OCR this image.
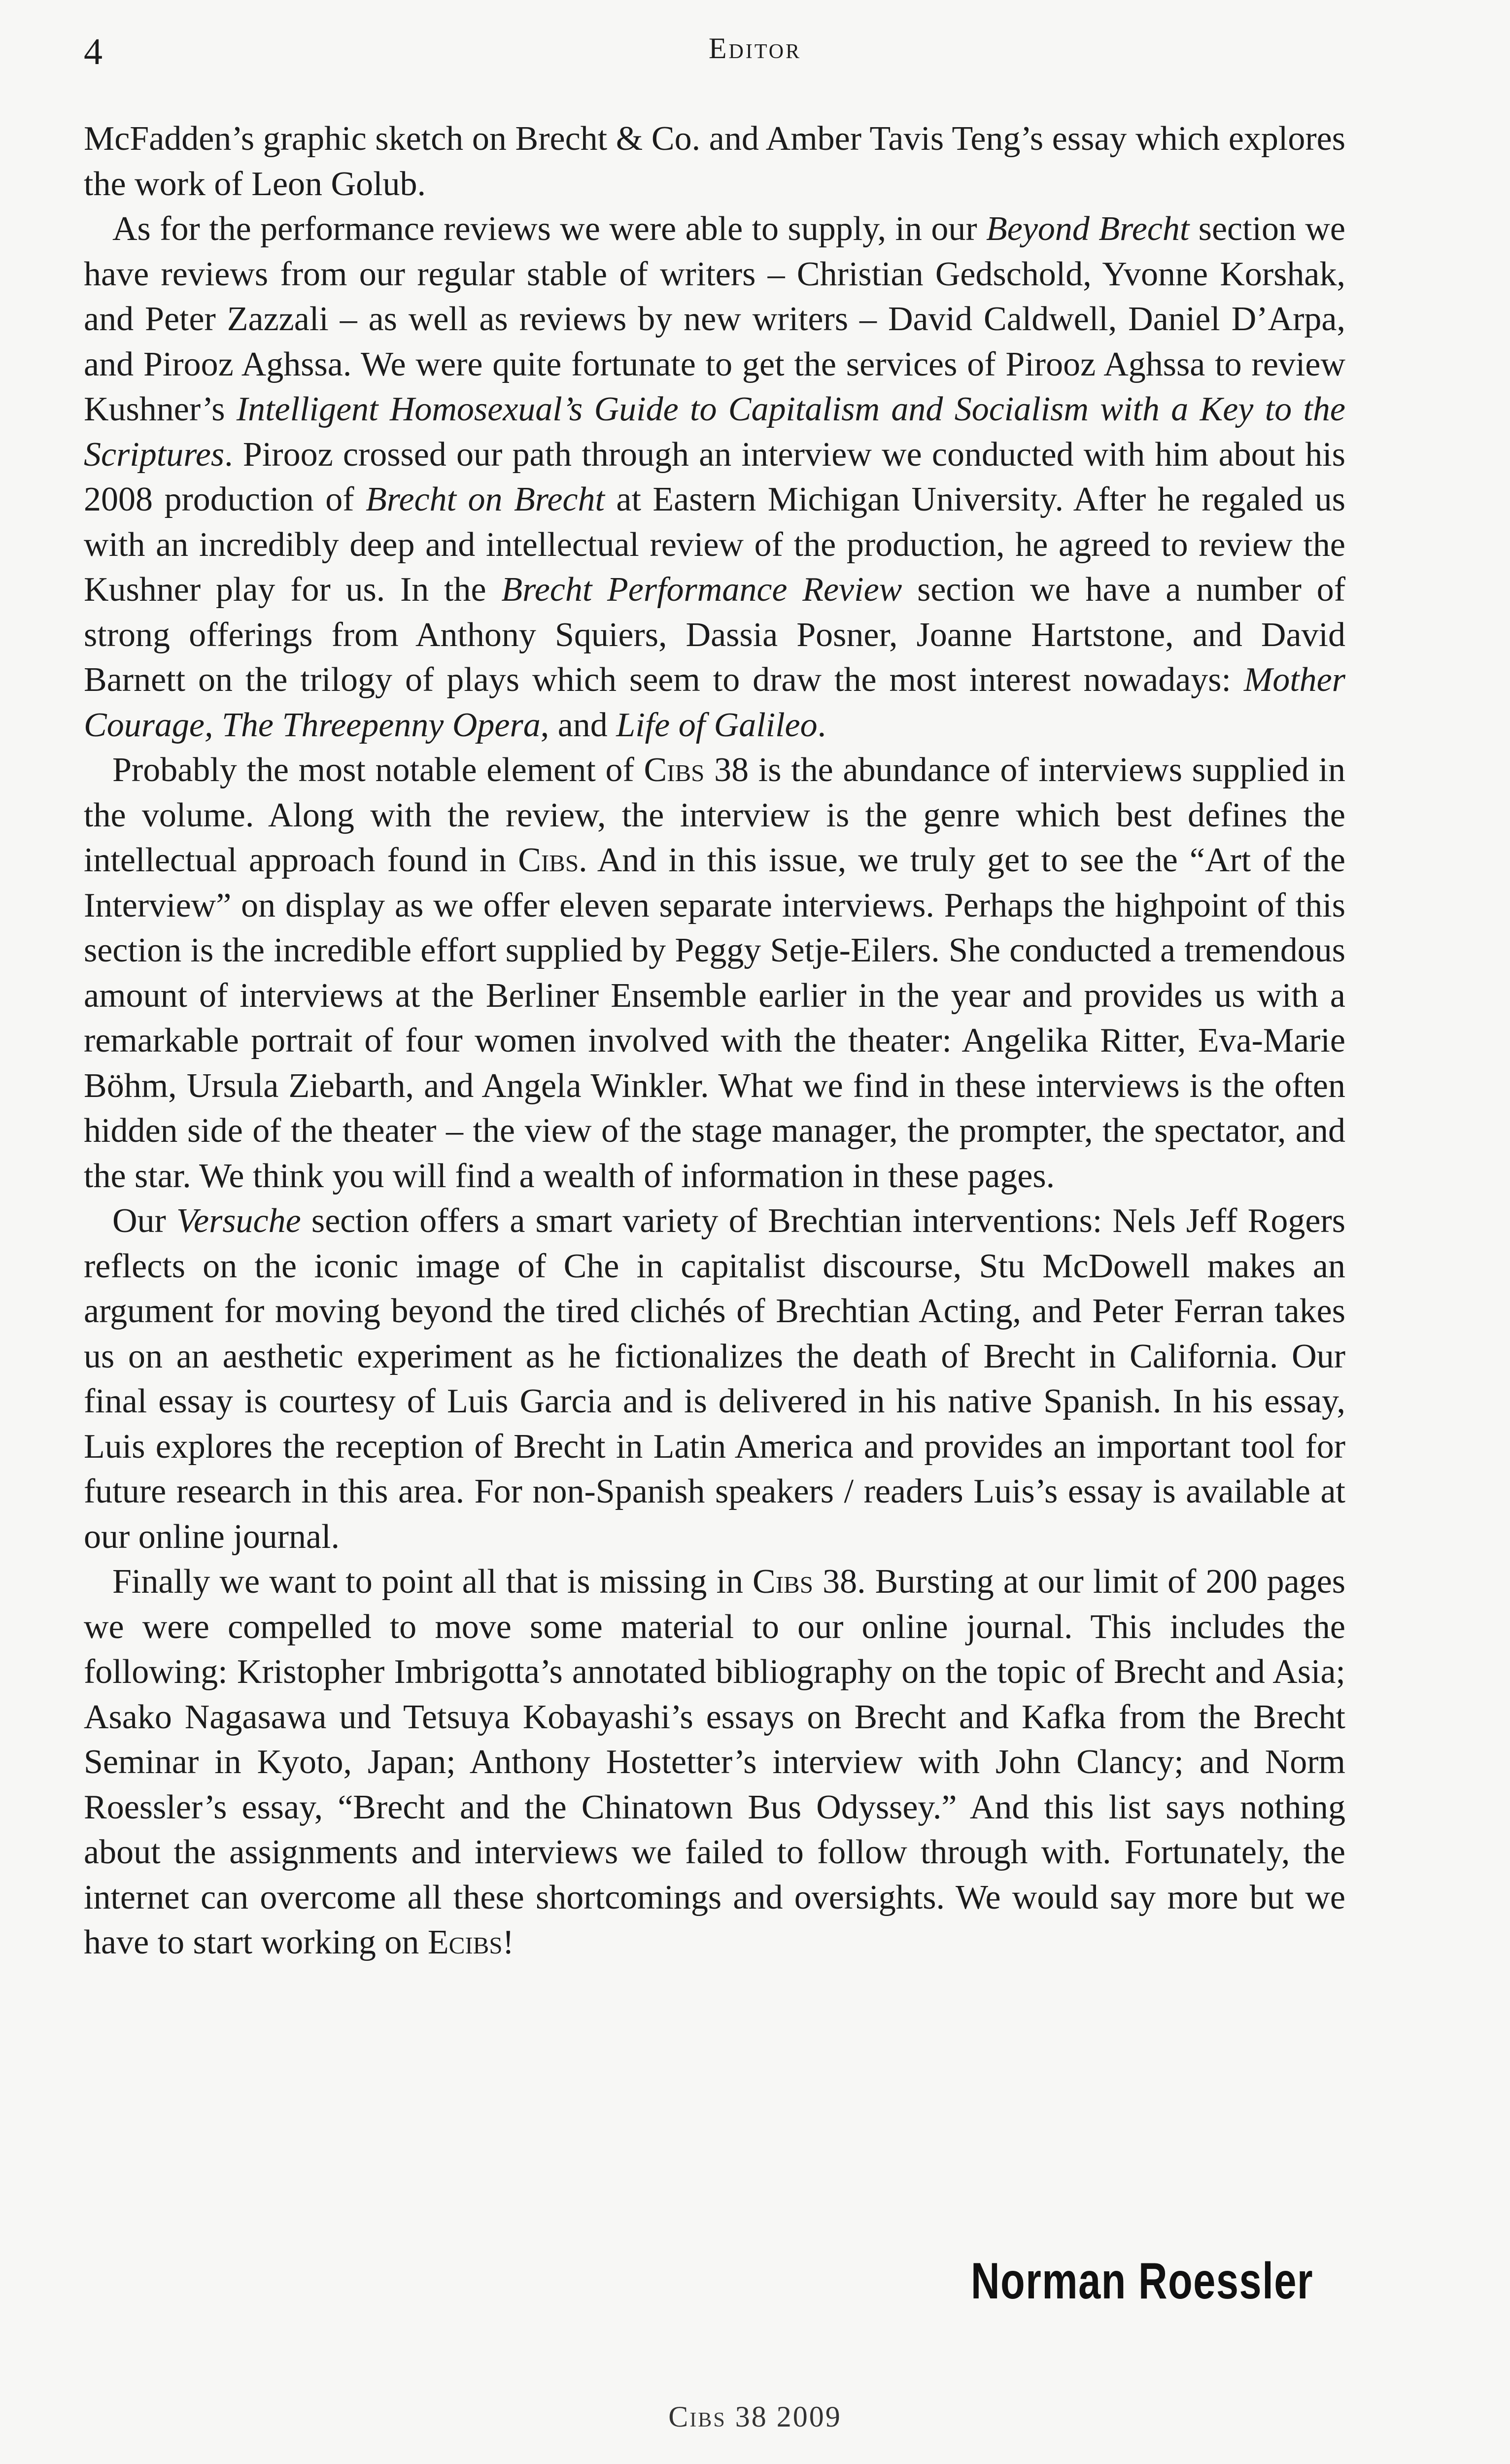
4	Editor

McFadden’s graphic sketch on Brecht & Co. and Amber Tavis Teng’s essay which explores the work of Leon Golub.

As for the performance reviews we were able to supply, in our Beyond Brecht section we have reviews from our regular stable of writers – Christian Gedschold, Yvonne Korshak, and Peter Zazzali – as well as reviews by new writers – David Caldwell, Daniel D’Arpa, and Pirooz Aghssa. We were quite fortunate to get the services of Pirooz Aghssa to review Kushner’s Intelligent Homosexual’s Guide to Capitalism and Socialism with a Key to the Scriptures. Pirooz crossed our path through an interview we conducted with him about his 2008 production of Brecht on Brecht at Eastern Michigan University. After he regaled us with an incredibly deep and intellectual review of the production, he agreed to review the Kushner play for us. In the Brecht Performance Review section we have a number of strong offerings from Anthony Squiers, Dassia Posner, Joanne Hartstone, and David Barnett on the trilogy of plays which seem to draw the most interest nowadays: Mother Courage, The Threepenny Opera, and Life of Galileo.

Probably the most notable element of Cibs 38 is the abundance of interviews supplied in the volume. Along with the review, the interview is the genre which best defines the intellectual approach found in Cibs. And in this issue, we truly get to see the “Art of the Interview” on display as we offer eleven separate interviews. Perhaps the highpoint of this section is the incredible effort supplied by Peggy Setje-Eilers. She conducted a tremendous amount of interviews at the Berliner Ensemble earlier in the year and provides us with a remarkable portrait of four women involved with the theater: Angelika Ritter, Eva-Marie Böhm, Ursula Ziebarth, and Angela Winkler. What we find in these interviews is the often hidden side of the theater – the view of the stage manager, the prompter, the spectator, and the star. We think you will find a wealth of information in these pages.

Our Versuche section offers a smart variety of Brechtian interventions: Nels Jeff Rogers reflects on the iconic image of Che in capitalist discourse, Stu McDowell makes an argument for moving beyond the tired clichés of Brechtian Acting, and Peter Ferran takes us on an aesthetic experiment as he fictionalizes the death of Brecht in California. Our final essay is courtesy of Luis Garcia and is delivered in his native Spanish. In his essay, Luis explores the reception of Brecht in Latin America and provides an important tool for future research in this area. For non-Spanish speakers / readers Luis’s essay is available at our online journal.

Finally we want to point all that is missing in Cibs 38. Bursting at our limit of 200 pages we were compelled to move some material to our online journal. This includes the following: Kristopher Imbrigotta’s annotated bibliography on the topic of Brecht and Asia; Asako Nagasawa und Tetsuya Kobayashi’s essays on Brecht and Kafka from the Brecht Seminar in Kyoto, Japan; Anthony Hostetter’s interview with John Clancy; and Norm Roessler’s essay, “Brecht and the Chinatown Bus Odyssey.” And this list says nothing about the assignments and interviews we failed to follow through with. Fortunately, the internet can overcome all these shortcomings and oversights. We would say more but we have to start working on Ecibs!

Norman Roessler
Cibs 38 2009
